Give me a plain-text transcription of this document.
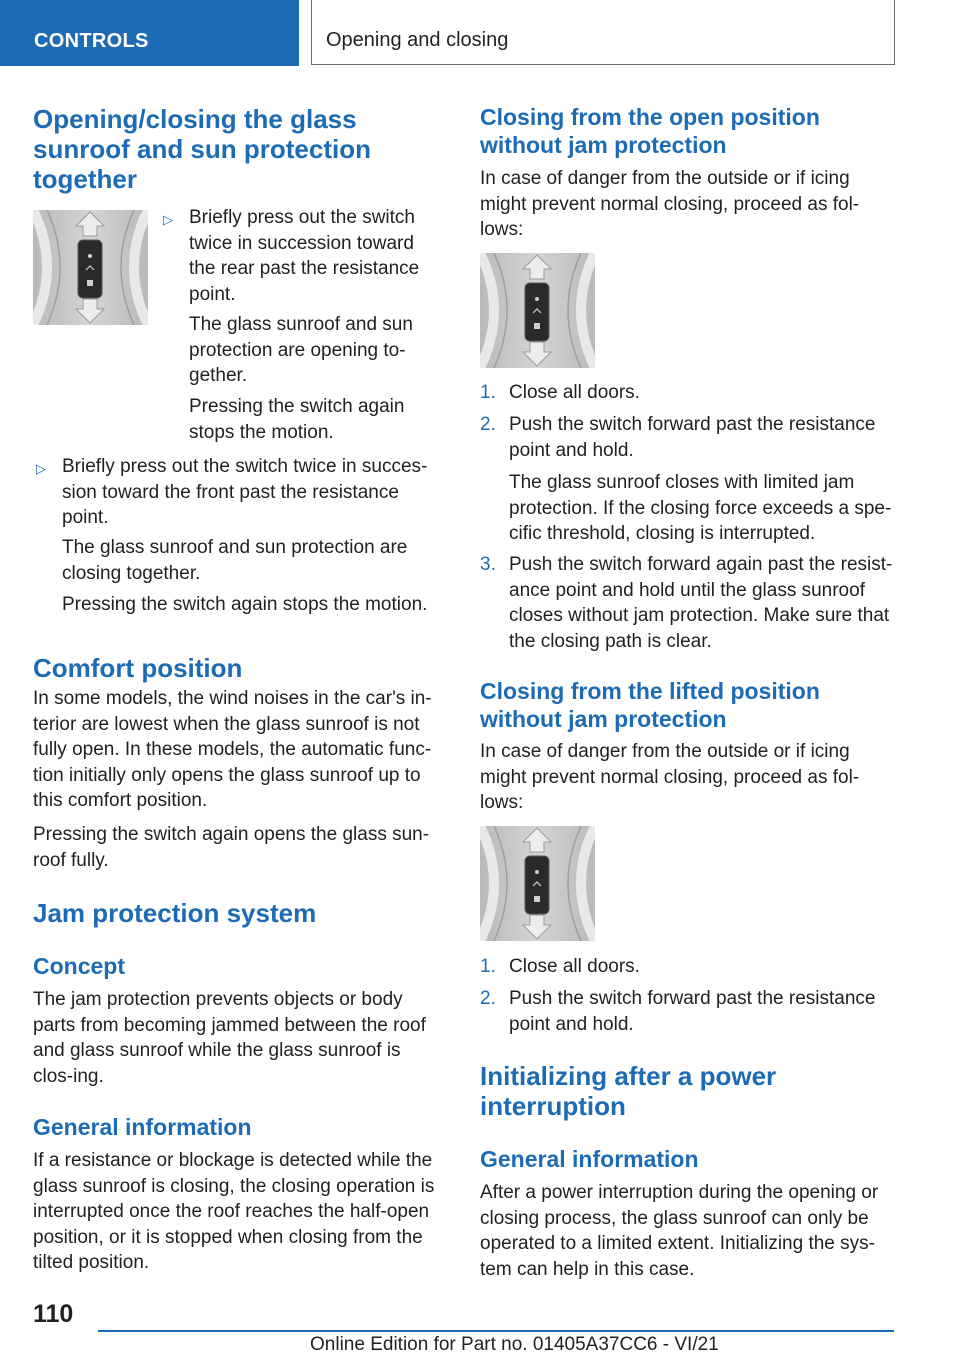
CONTROLS	Opening and closing
Opening/closing the glass sunroof and sun protection together
▷ Briefly press out the switch twice in succession toward the rear past the resistance point.

The glass sunroof and sun protection are opening to-gether.

Pressing the switch again stops the motion.

▷ Briefly press out the switch twice in succes-sion toward the front past the resistance point.

The glass sunroof and sun protection are closing together.

Pressing the switch again stops the motion.

Comfort position

In some models, the wind noises in the car's in-terior are lowest when the glass sunroof is not fully open. In these models, the automatic func-tion initially only opens the glass sunroof up to this comfort position.

Pressing the switch again opens the glass sun-roof fully.

Jam protection system
Concept

The jam protection prevents objects or body parts from becoming jammed between the roof and glass sunroof while the glass sunroof is clos-ing.

General information

If a resistance or blockage is detected while the glass sunroof is closing, the closing operation is interrupted once the roof reaches the half-open position, or it is stopped when closing from the tilted position.

Closing from the open position without jam protection

In case of danger from the outside or if icing might prevent normal closing, proceed as fol-lows:

1. Close all doors.

2. Push the switch forward past the resistance point and hold.

The glass sunroof closes with limited jam protection. If the closing force exceeds a spe-cific threshold, closing is interrupted.

3. Push the switch forward again past the resist-ance point and hold until the glass sunroof closes without jam protection. Make sure that the closing path is clear.

Closing from the lifted position without jam protection

In case of danger from the outside or if icing might prevent normal closing, proceed as fol-lows:

1. Close all doors.

2. Push the switch forward past the resistance point and hold.

Initializing after a power interruption
General information

After a power interruption during the opening or closing process, the glass sunroof can only be operated to a limited extent. Initializing the sys-tem can help in this case.

110
Online Edition for Part no. 01405A37CC6 - VI/21
